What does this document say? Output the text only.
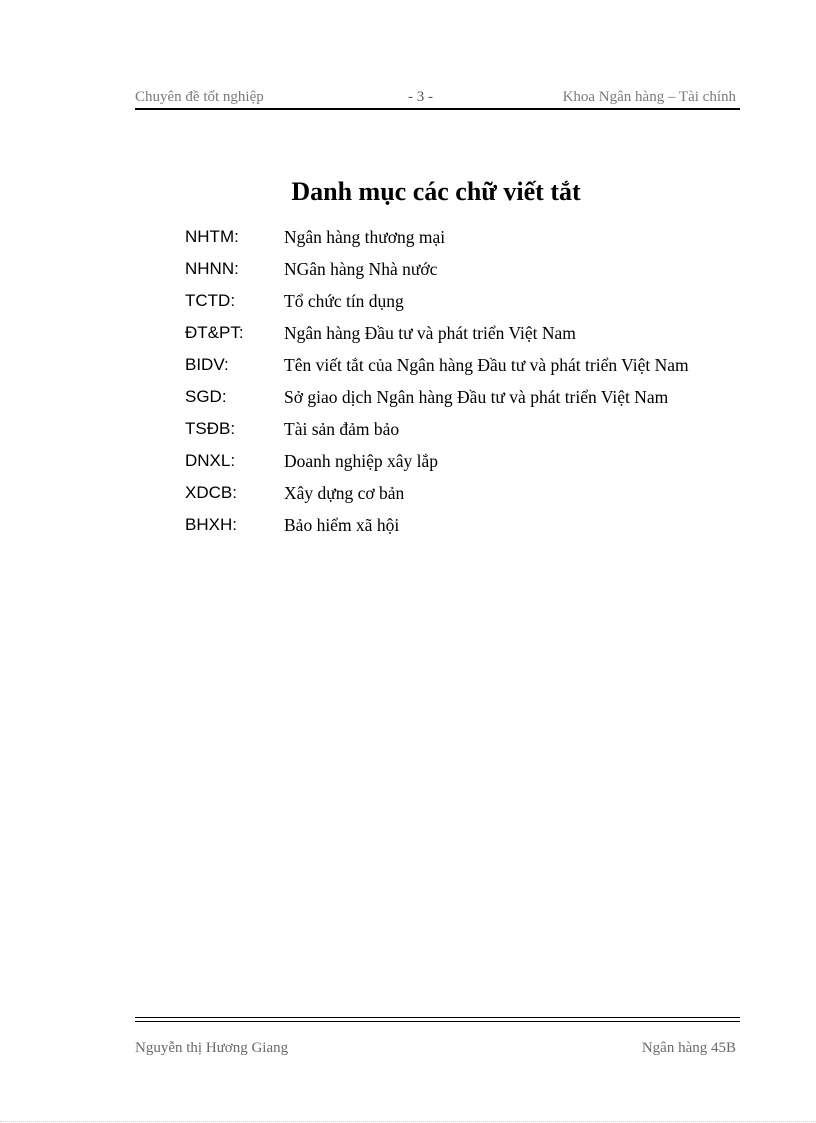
Chuyên đề tốt nghiệp	- 3 -	Khoa Ngân hàng – Tài chính
Danh mục các chữ viết tắt
NHTM:	Ngân hàng thương mại
NHNN:	NGân hàng Nhà nước
TCTD:	Tổ chức tín dụng
ĐT&PT: Ngân hàng Đầu tư và phát triển Việt Nam
BIDV:	Tên viết tắt của Ngân hàng Đầu tư và phát triển Việt Nam
SGD:	Sở giao dịch Ngân hàng Đầu tư và phát triển Việt Nam
TSĐB:	Tài sản đảm bảo
DNXL:	Doanh nghiệp xây lắp
XDCB:	Xây dựng cơ bản
BHXH:	Bảo hiểm xã hội
Nguyễn thị Hương Giang	Ngân hàng 45B
